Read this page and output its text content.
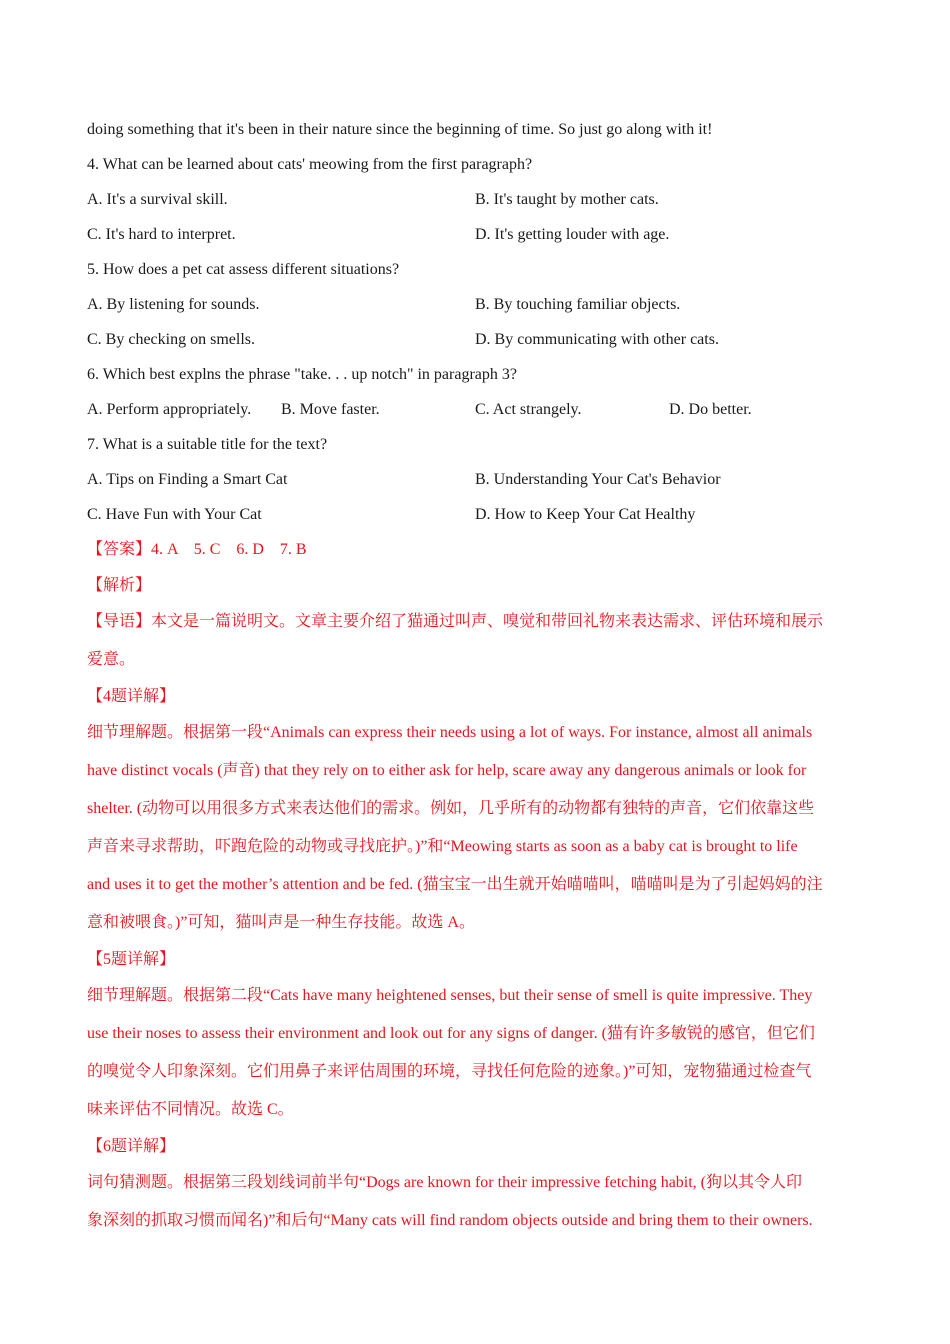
doing something that it's been in their nature since the beginning of time. So just go along with it!
4. What can be learned about cats' meowing from the first paragraph?
A. It's a survival skill.	B. It's taught by mother cats.
C. It's hard to interpret.	D. It's getting louder with age.
5. How does a pet cat assess different situations?
A. By listening for sounds.	B. By touching familiar objects.
C. By checking on smells.	D. By communicating with other cats.
6. Which best explns the phrase "take. . . up notch" in paragraph 3?
A. Perform appropriately. B. Move faster.	C. Act strangely.	D. Do better.
7. What is a suitable title for the text?
A. Tips on Finding a Smart Cat	B. Understanding Your Cat's Behavior
C. Have Fun with Your Cat	D. How to Keep Your Cat Healthy
【答案】4. A    5. C    6. D    7. B
【解析】
【导语】本文是一篇说明文。文章主要介绍了猫通过叫声、嗅觉和带回礼物来表达需求、评估环境和展示
爱意。
【4题详解】
细节理解题。根据第一段“Animals can express their needs using a lot of ways. For instance, almost all animals
have distinct vocals (声音) that they rely on to either ask for help, scare away any dangerous animals or look for
shelter. (动物可以用很多方式来表达他们的需求。例如，几乎所有的动物都有独特的声音，它们依靠这些
声音来寻求帮助，吓跑危险的动物或寻找庇护。)”和“Meowing starts as soon as a baby cat is brought to life
and uses it to get the mother’s attention and be fed. (猫宝宝一出生就开始喵喵叫，喵喵叫是为了引起妈妈的注
意和被喂食。)”可知，猫叫声是一种生存技能。故选 A。
【5题详解】
细节理解题。根据第二段“Cats have many heightened senses, but their sense of smell is quite impressive. They
use their noses to assess their environment and look out for any signs of danger. (猫有许多敏锐的感官，但它们
的嗅觉令人印象深刻。它们用鼻子来评估周围的环境，寻找任何危险的迹象。)”可知，宠物猫通过检查气
味来评估不同情况。故选 C。
【6题详解】
词句猜测题。根据第三段划线词前半句“Dogs are known for their impressive fetching habit, (狗以其令人印
象深刻的抓取习惯而闻名)”和后句“Many cats will find random objects outside and bring them to their owners.
